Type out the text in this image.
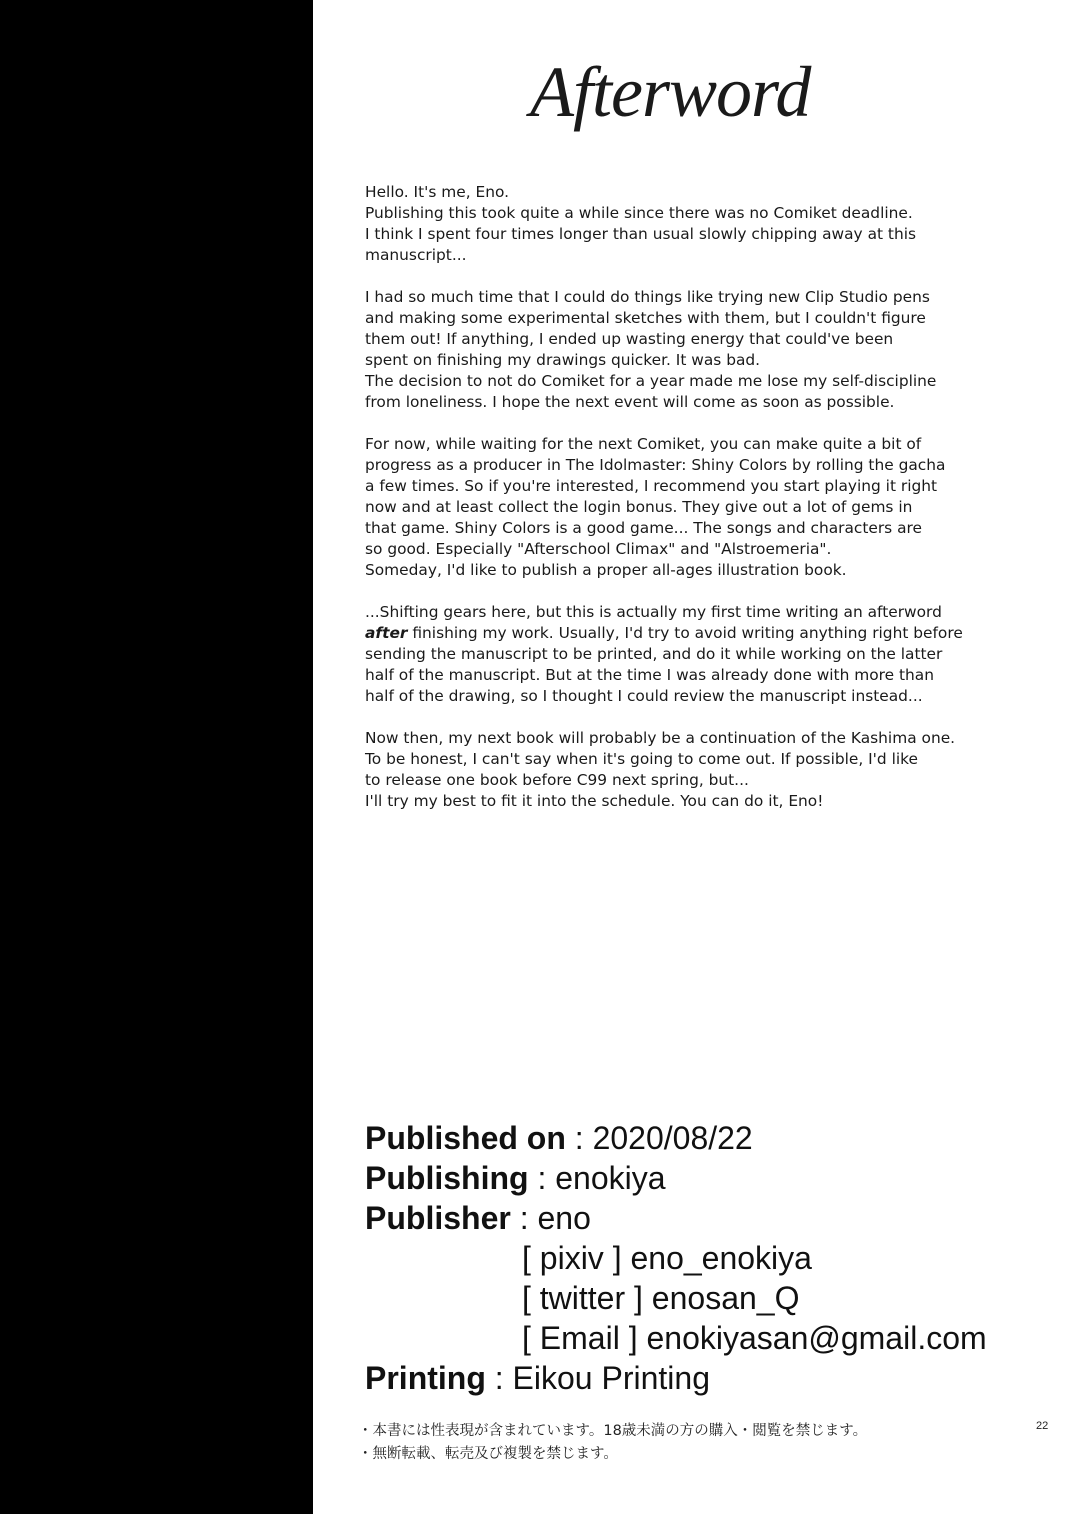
Afterword
Hello. It's me, Eno.
Publishing this took quite a while since there was no Comiket deadline.
I think I spent four times longer than usual slowly chipping away at this
manuscript...
I had so much time that I could do things like trying new Clip Studio pens
and making some experimental sketches with them, but I couldn't figure
them out! If anything, I ended up wasting energy that could've been
spent on finishing my drawings quicker. It was bad.
The decision to not do Comiket for a year made me lose my self-discipline
from loneliness. I hope the next event will come as soon as possible.
For now, while waiting for the next Comiket, you can make quite a bit of
progress as a producer in The Idolmaster: Shiny Colors by rolling the gacha
a few times. So if you're interested, I recommend you start playing it right
now and at least collect the login bonus. They give out a lot of gems in
that game. Shiny Colors is a good game... The songs and characters are
so good. Especially "Afterschool Climax" and "Alstroemeria".
Someday, I'd like to publish a proper all-ages illustration book.
...Shifting gears here, but this is actually my first time writing an afterword
after finishing my work. Usually, I'd try to avoid writing anything right before
sending the manuscript to be printed, and do it while working on the latter
half of the manuscript. But at the time I was already done with more than
half of the drawing, so I thought I could review the manuscript instead...
Now then, my next book will probably be a continuation of the Kashima one.
To be honest, I can't say when it's going to come out. If possible, I'd like
to release one book before C99 next spring, but...
I'll try my best to fit it into the schedule. You can do it, Eno!
Published on : 2020/08/22
Publishing : enokiya
Publisher : eno
[ pixiv ] eno_enokiya
[ twitter ] enosan_Q
[ Email ] enokiyasan@gmail.com
Printing : Eikou Printing
・本書には性表現が含まれています。18歳未満の方の購入・閲覧を禁じます。
・無断転載、転売及び複製を禁じます。
22
